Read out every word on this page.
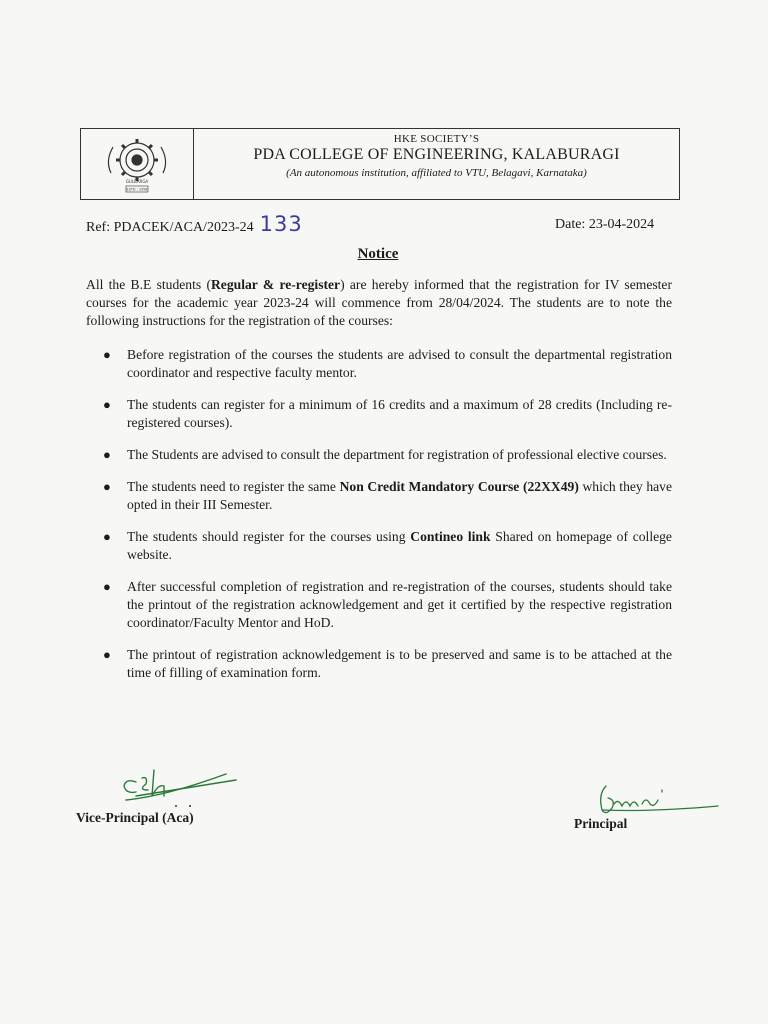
GULBARGA
ESTD : 1958
HKE SOCIETY’S
PDA COLLEGE OF ENGINEERING, KALABURAGI
(An autonomous institution, affiliated to VTU, Belagavi, Karnataka)
Ref: PDACEK/ACA/2023-24 133	Date: 23-04-2024
Notice
All the B.E students (Regular & re-register) are hereby informed that the registration for IV semester courses for the academic year 2023-24 will commence from 28/04/2024. The students are to note the following instructions for the registration of the courses:
● Before registration of the courses the students are advised to consult the departmental registration coordinator and respective faculty mentor.
● The students can register for a minimum of 16 credits and a maximum of 28 credits (Including re-registered courses).
● The Students are advised to consult the department for registration of professional elective courses.
● The students need to register the same Non Credit Mandatory Course (22XX49) which they have opted in their III Semester.
● The students should register for the courses using Contineo link Shared on homepage of college website.
● After successful completion of registration and re-registration of the courses, students should take the printout of the registration acknowledgement and get it certified by the respective registration coordinator/Faculty Mentor and HoD.
● The printout of registration acknowledgement is to be preserved and same is to be attached at the time of filling of examination form.
Vice-Principal (Aca)	Principal
